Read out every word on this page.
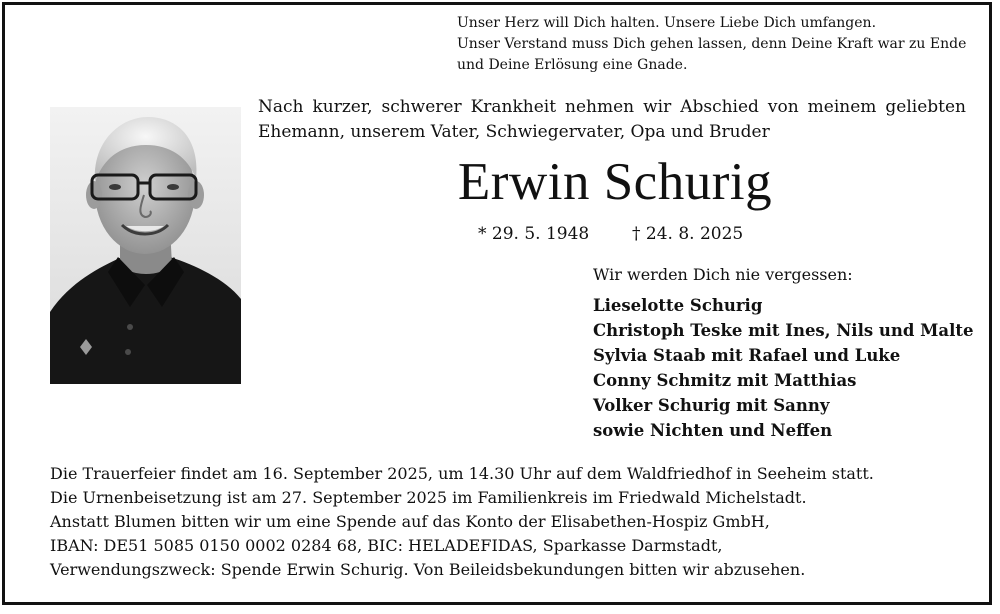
Unser Herz will Dich halten. Unsere Liebe Dich umfangen.
Unser Verstand muss Dich gehen lassen, denn Deine Kraft war zu Ende
und Deine Erlösung eine Gnade.
Nach kurzer, schwerer Krankheit nehmen wir Abschied von meinem geliebten
Ehemann, unserem Vater, Schwiegervater, Opa und Bruder
Erwin Schurig
* 29. 5. 1948	† 24. 8. 2025
Wir werden Dich nie vergessen:
Lieselotte Schurig
Christoph Teske mit Ines, Nils und Malte
Sylvia Staab mit Rafael und Luke
Conny Schmitz mit Matthias
Volker Schurig mit Sanny
sowie Nichten und Neffen
Die Trauerfeier findet am 16. September 2025, um 14.30 Uhr auf dem Waldfriedhof in Seeheim statt.
Die Urnenbeisetzung ist am 27. September 2025 im Familienkreis im Friedwald Michelstadt.
Anstatt Blumen bitten wir um eine Spende auf das Konto der Elisabethen-Hospiz GmbH,
IBAN: DE51 5085 0150 0002 0284 68, BIC: HELADEFIDAS, Sparkasse Darmstadt,
Verwendungszweck: Spende Erwin Schurig. Von Beileidsbekundungen bitten wir abzusehen.
